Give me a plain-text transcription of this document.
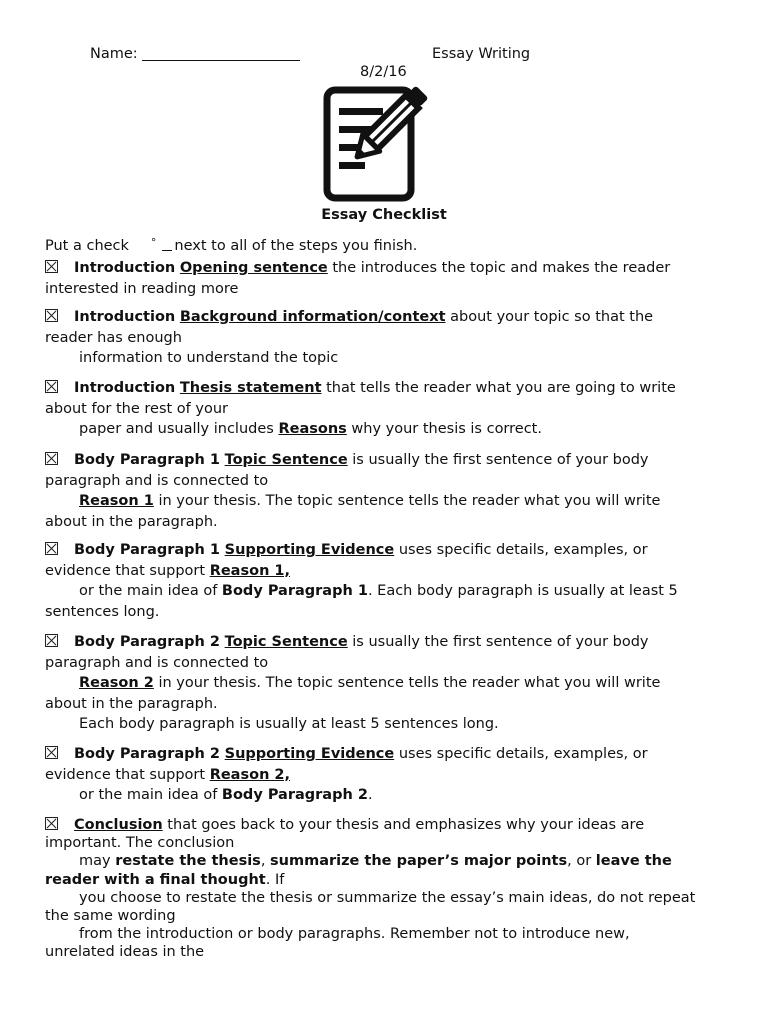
Name:	Essay Writing
8/2/16
Essay Checklist
Put a check ° next to all of the steps you finish.

Introduction Opening sentence the introduces the topic and makes the reader

interested in reading more

Introduction Background information/context about your topic so that the

reader has enough

information to understand the topic

Introduction Thesis statement that tells the reader what you are going to write

about for the rest of your

paper and usually includes Reasons why your thesis is correct.

Body Paragraph 1 Topic Sentence is usually the first sentence of your body

paragraph and is connected to

Reason 1 in your thesis. The topic sentence tells the reader what you will write

about in the paragraph.

Body Paragraph 1 Supporting Evidence uses specific details, examples, or

evidence that support Reason 1,

or the main idea of Body Paragraph 1. Each body paragraph is usually at least 5

sentences long.

Body Paragraph 2 Topic Sentence is usually the first sentence of your body

paragraph and is connected to

Reason 2 in your thesis. The topic sentence tells the reader what you will write

about in the paragraph.

Each body paragraph is usually at least 5 sentences long.

Body Paragraph 2 Supporting Evidence uses specific details, examples, or

evidence that support Reason 2,

or the main idea of Body Paragraph 2.

Conclusion that goes back to your thesis and emphasizes why your ideas are

important. The conclusion

may restate the thesis, summarize the paper’s major points, or leave the

reader with a final thought. If

you choose to restate the thesis or summarize the essay’s main ideas, do not repeat

the same wording

from the introduction or body paragraphs. Remember not to introduce new,

unrelated ideas in the
